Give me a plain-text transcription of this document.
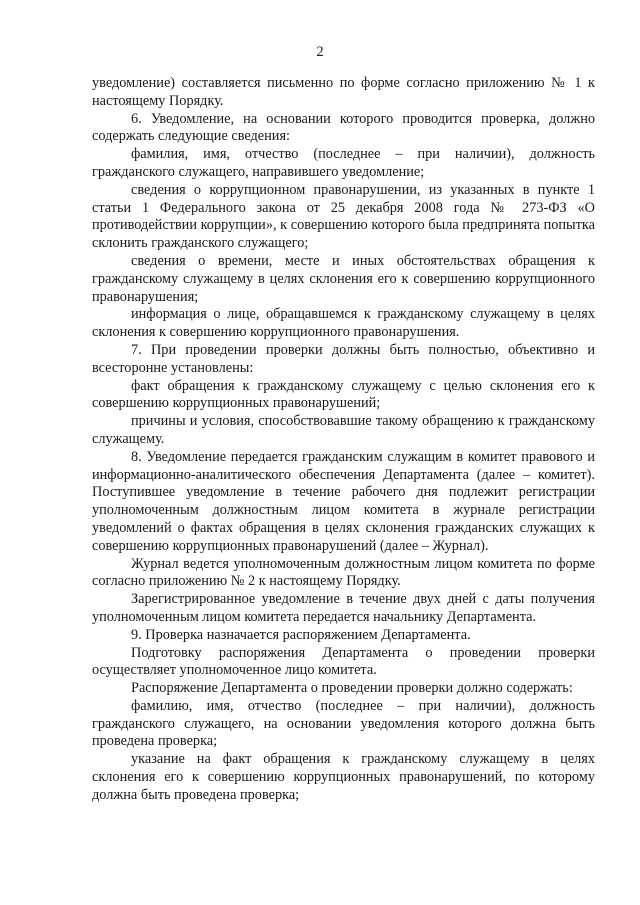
2

уведомление) составляется письменно по форме согласно приложению № 1 к настоящему Порядку.

6. Уведомление, на основании которого проводится проверка, должно содержать следующие сведения:

фамилия, имя, отчество (последнее – при наличии), должность гражданского служащего, направившего уведомление;

сведения о коррупционном правонарушении, из указанных в пункте 1 статьи 1 Федерального закона от 25 декабря 2008 года № 273-ФЗ «О противодействии коррупции», к совершению которого была предпринята попытка склонить гражданского служащего;

сведения о времени, месте и иных обстоятельствах обращения к гражданскому служащему в целях склонения его к совершению коррупционного правонарушения;

информация о лице, обращавшемся к гражданскому служащему в целях склонения к совершению коррупционного правонарушения.

7. При проведении проверки должны быть полностью, объективно и всесторонне установлены:

факт обращения к гражданскому служащему с целью склонения его к совершению коррупционных правонарушений;

причины и условия, способствовавшие такому обращению к гражданскому служащему.

8. Уведомление передается гражданским служащим в комитет правового и информационно-аналитического обеспечения Департамента (далее – комитет). Поступившее уведомление в течение рабочего дня подлежит регистрации уполномоченным должностным лицом комитета в журнале регистрации уведомлений о фактах обращения в целях склонения гражданских служащих к совершению коррупционных правонарушений (далее – Журнал).

Журнал ведется уполномоченным должностным лицом комитета по форме согласно приложению № 2 к настоящему Порядку.

Зарегистрированное уведомление в течение двух дней с даты получения уполномоченным лицом комитета передается начальнику Департамента.

9. Проверка назначается распоряжением Департамента.

Подготовку распоряжения Департамента о проведении проверки осуществляет уполномоченное лицо комитета.

Распоряжение Департамента о проведении проверки должно содержать:

фамилию, имя, отчество (последнее – при наличии), должность гражданского служащего, на основании уведомления которого должна быть проведена проверка;

указание на факт обращения к гражданскому служащему в целях склонения его к совершению коррупционных правонарушений, по которому должна быть проведена проверка;
